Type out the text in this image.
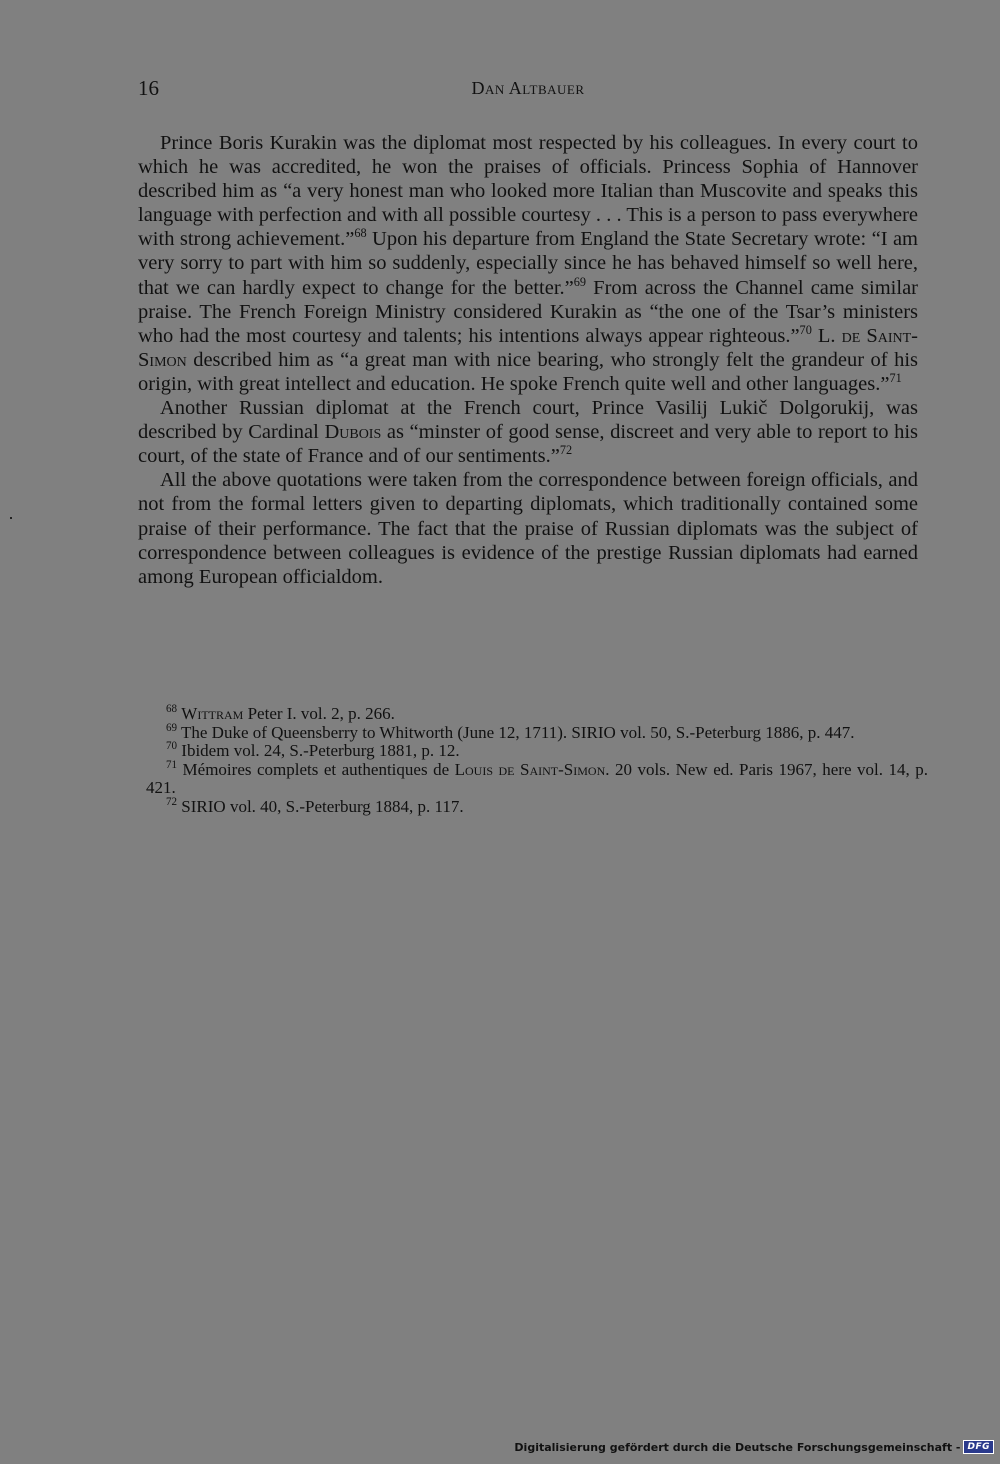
16	Dan Altbauer

Prince Boris Kurakin was the diplomat most respected by his colleagues. In every court to which he was accredited, he won the praises of officials. Princess Sophia of Hannover described him as “a very honest man who looked more Italian than Muscovite and speaks this language with perfection and with all possible courtesy . . . This is a person to pass everywhere with strong achievement.”$^{68}$ Upon his departure from England the State Secretary wrote: “I am very sorry to part with him so suddenly, especially since he has behaved himself so well here, that we can hardly expect to change for the better.”$^{69}$ From across the Channel came similar praise. The French Foreign Ministry considered Kurakin as “the one of the Tsar’s ministers who had the most courtesy and talents; his intentions always appear righteous.”$^{70}$ L. de Saint-Simon described him as “a great man with nice bearing, who strongly felt the grandeur of his origin, with great intellect and education. He spoke French quite well and other languages.”$^{71}$

Another Russian diplomat at the French court, Prince Vasilij Lukič Dolgorukij, was described by Cardinal Dubois as “minster of good sense, discreet and very able to report to his court, of the state of France and of our sentiments.”$^{72}$

All the above quotations were taken from the correspondence between foreign officials, and not from the formal letters given to departing diplomats, which traditionally contained some praise of their performance. The fact that the praise of Russian diplomats was the subject of correspondence between colleagues is evidence of the prestige Russian diplomats had earned among European officialdom.

$^{68}$ Wittram Peter I. vol. 2, p. 266.

$^{69}$ The Duke of Queensberry to Whitworth (June 12, 1711). SIRIO vol. 50, S.-Peterburg 1886, p. 447.

$^{70}$ Ibidem vol. 24, S.-Peterburg 1881, p. 12.

$^{71}$ Mémoires complets et authentiques de Louis de Saint-Simon. 20 vols. New ed. Paris 1967, here vol. 14, p. 421.

$^{72}$ SIRIO vol. 40, S.-Peterburg 1884, p. 117.

Digitalisierung gefördert durch die Deutsche Forschungsgemeinschaft - DFG
